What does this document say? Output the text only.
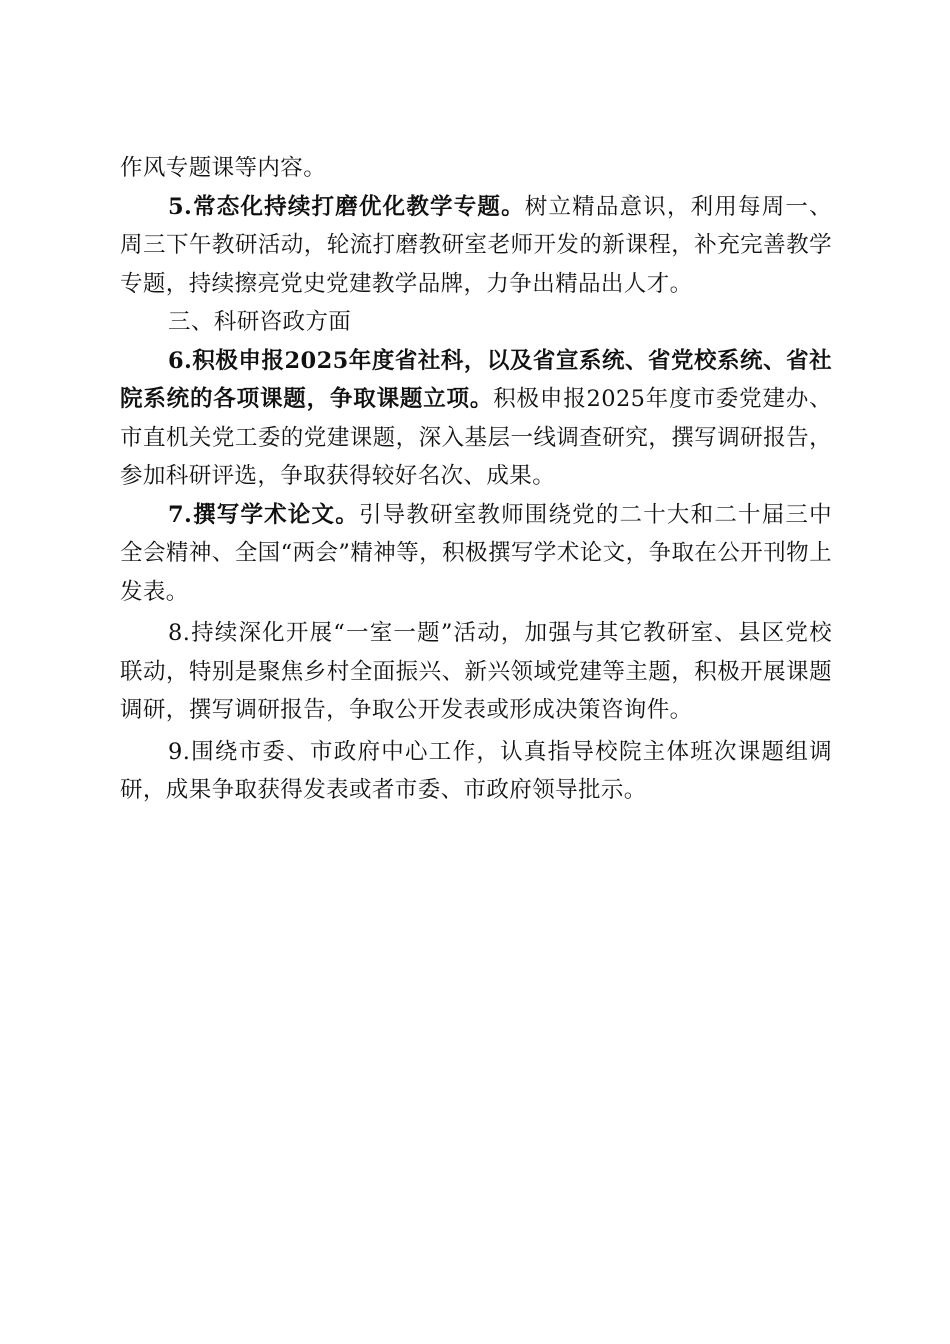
作风专题课等内容。

5.常态化持续打磨优化教学专题。树立精品意识，利用每周一、周三下午教研活动，轮流打磨教研室老师开发的新课程，补充完善教学专题，持续擦亮党史党建教学品牌，力争出精品出人才。

三、科研咨政方面

6.积极申报2025年度省社科，以及省宣系统、省党校系统、省社院系统的各项课题，争取课题立项。积极申报2025年度市委党建办、市直机关党工委的党建课题，深入基层一线调查研究，撰写调研报告，参加科研评选，争取获得较好名次、成果。

7.撰写学术论文。引导教研室教师围绕党的二十大和二十届三中全会精神、全国“两会”精神等，积极撰写学术论文，争取在公开刊物上发表。

8.持续深化开展“一室一题”活动，加强与其它教研室、县区党校联动，特别是聚焦乡村全面振兴、新兴领域党建等主题，积极开展课题调研，撰写调研报告，争取公开发表或形成决策咨询件。

9.围绕市委、市政府中心工作，认真指导校院主体班次课题组调研，成果争取获得发表或者市委、市政府领导批示。
